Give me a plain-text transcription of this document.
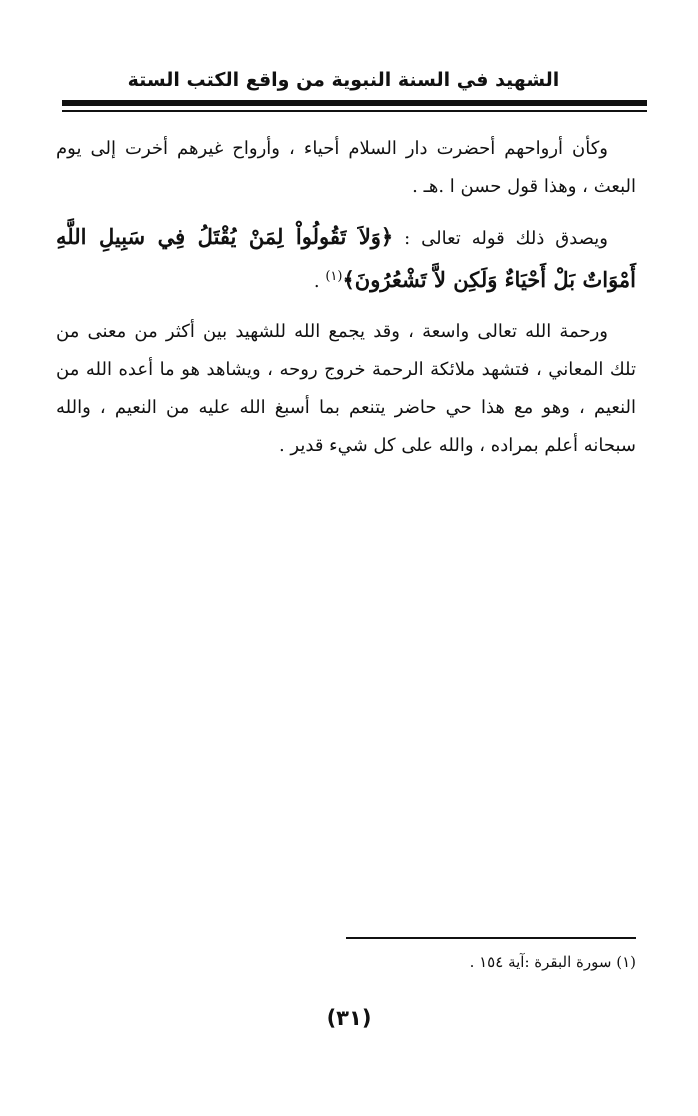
الشهيد في السنة النبوية من واقع الكتب الستة

وكأن أرواحهم أحضرت دار السلام أحياء ، وأرواح غيرهم أخرت إلى يوم البعث ، وهذا قول حسن ا .هـ .

ويصدق ذلك قوله تعالى : ﴿وَلاَ تَقُولُواْ لِمَنْ يُقْتَلُ فِي سَبِيلِ اللَّهِ أَمْوَاتٌ بَلْ أَحْيَاءٌ وَلَكِن لاَّ تَشْعُرُونَ﴾$^{(١)}$ .

ورحمة الله تعالى واسعة ، وقد يجمع الله للشهيد بين أكثر من معنى من تلك المعاني ، فتشهد ملائكة الرحمة خروج روحه ، ويشاهد هو ما أعده الله من النعيم ، وهو مع هذا حي حاضر يتنعم بما أسبغ الله عليه من النعيم ، والله سبحانه أعلم بمراده ، والله على كل شيء قدير .

(١) سورة البقرة :آية ١٥٤ .
(٣١)
